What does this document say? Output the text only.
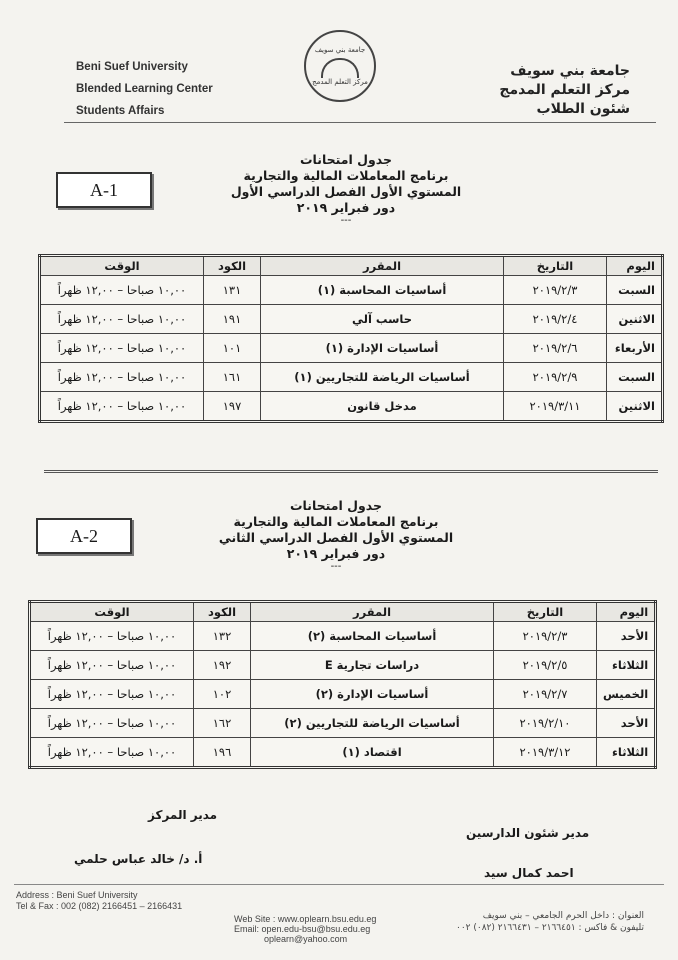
Beni Suef University
Blended Learning Center
Students Affairs
جامعة بني سويف
مركز التعلم المدمج
جامعة بني سويف
مركز التعلم المدمج
شئون الطلاب
A-1
جدول امتحانات
برنامج المعاملات المالية والتجارية
المستوي الأول الفصل الدراسي الأول
دور فبراير ٢٠١٩
---
اليوم	التاريخ	المقرر	الكود	الوقت
السبت	٢٠١٩/٢/٣	أساسيات المحاسبة (١)	١٣١	١٠,٠٠ صباحا – ١٢,٠٠ ظهراً
الاثنين	٢٠١٩/٢/٤	حاسب آلي	١٩١	١٠,٠٠ صباحا – ١٢,٠٠ ظهراً
الأربعاء	٢٠١٩/٢/٦	أساسيات الإدارة (١)	١٠١	١٠,٠٠ صباحا – ١٢,٠٠ ظهراً
السبت	٢٠١٩/٢/٩	أساسيات الرياضة للتجاريين (١)	١٦١	١٠,٠٠ صباحا – ١٢,٠٠ ظهراً
الاثنين	٢٠١٩/٣/١١	مدخل قانون	١٩٧	١٠,٠٠ صباحا – ١٢,٠٠ ظهراً
A-2
جدول امتحانات
برنامج المعاملات المالية والتجارية
المستوي الأول الفصل الدراسي الثاني
دور فبراير ٢٠١٩
---
اليوم	التاريخ	المقرر	الكود	الوقت
الأحد	٢٠١٩/٢/٣	أساسيات المحاسبة (٢)	١٣٢	١٠,٠٠ صباحا – ١٢,٠٠ ظهراً
الثلاثاء	٢٠١٩/٢/٥	دراسات تجارية E	١٩٢	١٠,٠٠ صباحا – ١٢,٠٠ ظهراً
الخميس	٢٠١٩/٢/٧	أساسيات الإدارة (٢)	١٠٢	١٠,٠٠ صباحا – ١٢,٠٠ ظهراً
الأحد	٢٠١٩/٢/١٠	أساسيات الرياضة للتجاريين (٢)	١٦٢	١٠,٠٠ صباحا – ١٢,٠٠ ظهراً
الثلاثاء	٢٠١٩/٣/١٢	اقتصاد (١)	١٩٦	١٠,٠٠ صباحا – ١٢,٠٠ ظهراً
مدير المركز
أ. د/ خالد عباس حلمي
مدير شئون الدارسين
احمد كمال سيد
Address : Beni Suef University
Tel & Fax : 002 (082) 2166451 – 2166431
Web Site : www.oplearn.bsu.edu.eg
Email: open.edu-bsu@bsu.edu.eg
oplearn@yahoo.com
العنوان : داخل الحرم الجامعي – بني سويف
تليفون & فاكس : ٢١٦٦٤٥١ – ٢١٦٦٤٣١ (٠٨٢) ٠٠٢
